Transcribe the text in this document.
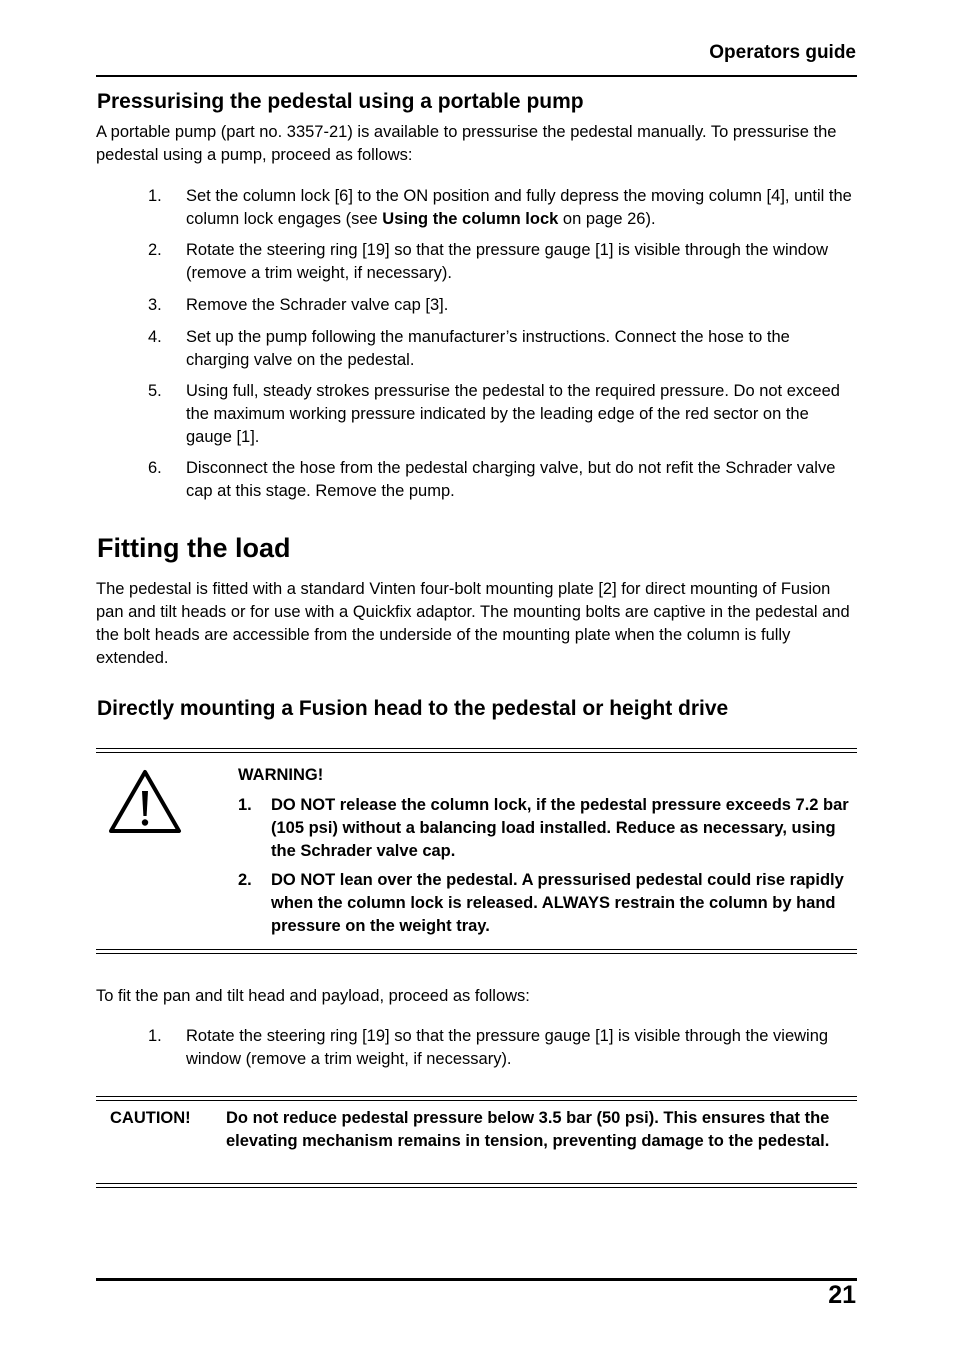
Operators guide
Pressurising the pedestal using a portable pump
A portable pump (part no. 3357-21) is available to pressurise the pedestal manually. To pressurise the pedestal using a pump, proceed as follows:
1. Set the column lock [6] to the ON position and fully depress the moving column [4], until the column lock engages (see Using the column lock on page 26).
2. Rotate the steering ring [19] so that the pressure gauge [1] is visible through the window (remove a trim weight, if necessary).
3. Remove the Schrader valve cap [3].
4. Set up the pump following the manufacturer’s instructions. Connect the hose to the charging valve on the pedestal.
5. Using full, steady strokes pressurise the pedestal to the required pressure. Do not exceed the maximum working pressure indicated by the leading edge of the red sector on the gauge [1].
6. Disconnect the hose from the pedestal charging valve, but do not refit the Schrader valve cap at this stage. Remove the pump.
Fitting the load
The pedestal is fitted with a standard Vinten four-bolt mounting plate [2] for direct mounting of Fusion pan and tilt heads or for use with a Quickfix adaptor. The mounting bolts are captive in the pedestal and the bolt heads are accessible from the underside of the mounting plate when the column is fully extended.
Directly mounting a Fusion head to the pedestal or height drive
WARNING!
1. DO NOT release the column lock, if the pedestal pressure exceeds 7.2 bar (105 psi) without a balancing load installed. Reduce as necessary, using the Schrader valve cap.
2. DO NOT lean over the pedestal. A pressurised pedestal could rise rapidly when the column lock is released. ALWAYS restrain the column by hand pressure on the weight tray.
To fit the pan and tilt head and payload, proceed as follows:
1. Rotate the steering ring [19] so that the pressure gauge [1] is visible through the viewing window (remove a trim weight, if necessary).
CAUTION! Do not reduce pedestal pressure below 3.5 bar (50 psi). This ensures that the elevating mechanism remains in tension, preventing damage to the pedestal.
21
